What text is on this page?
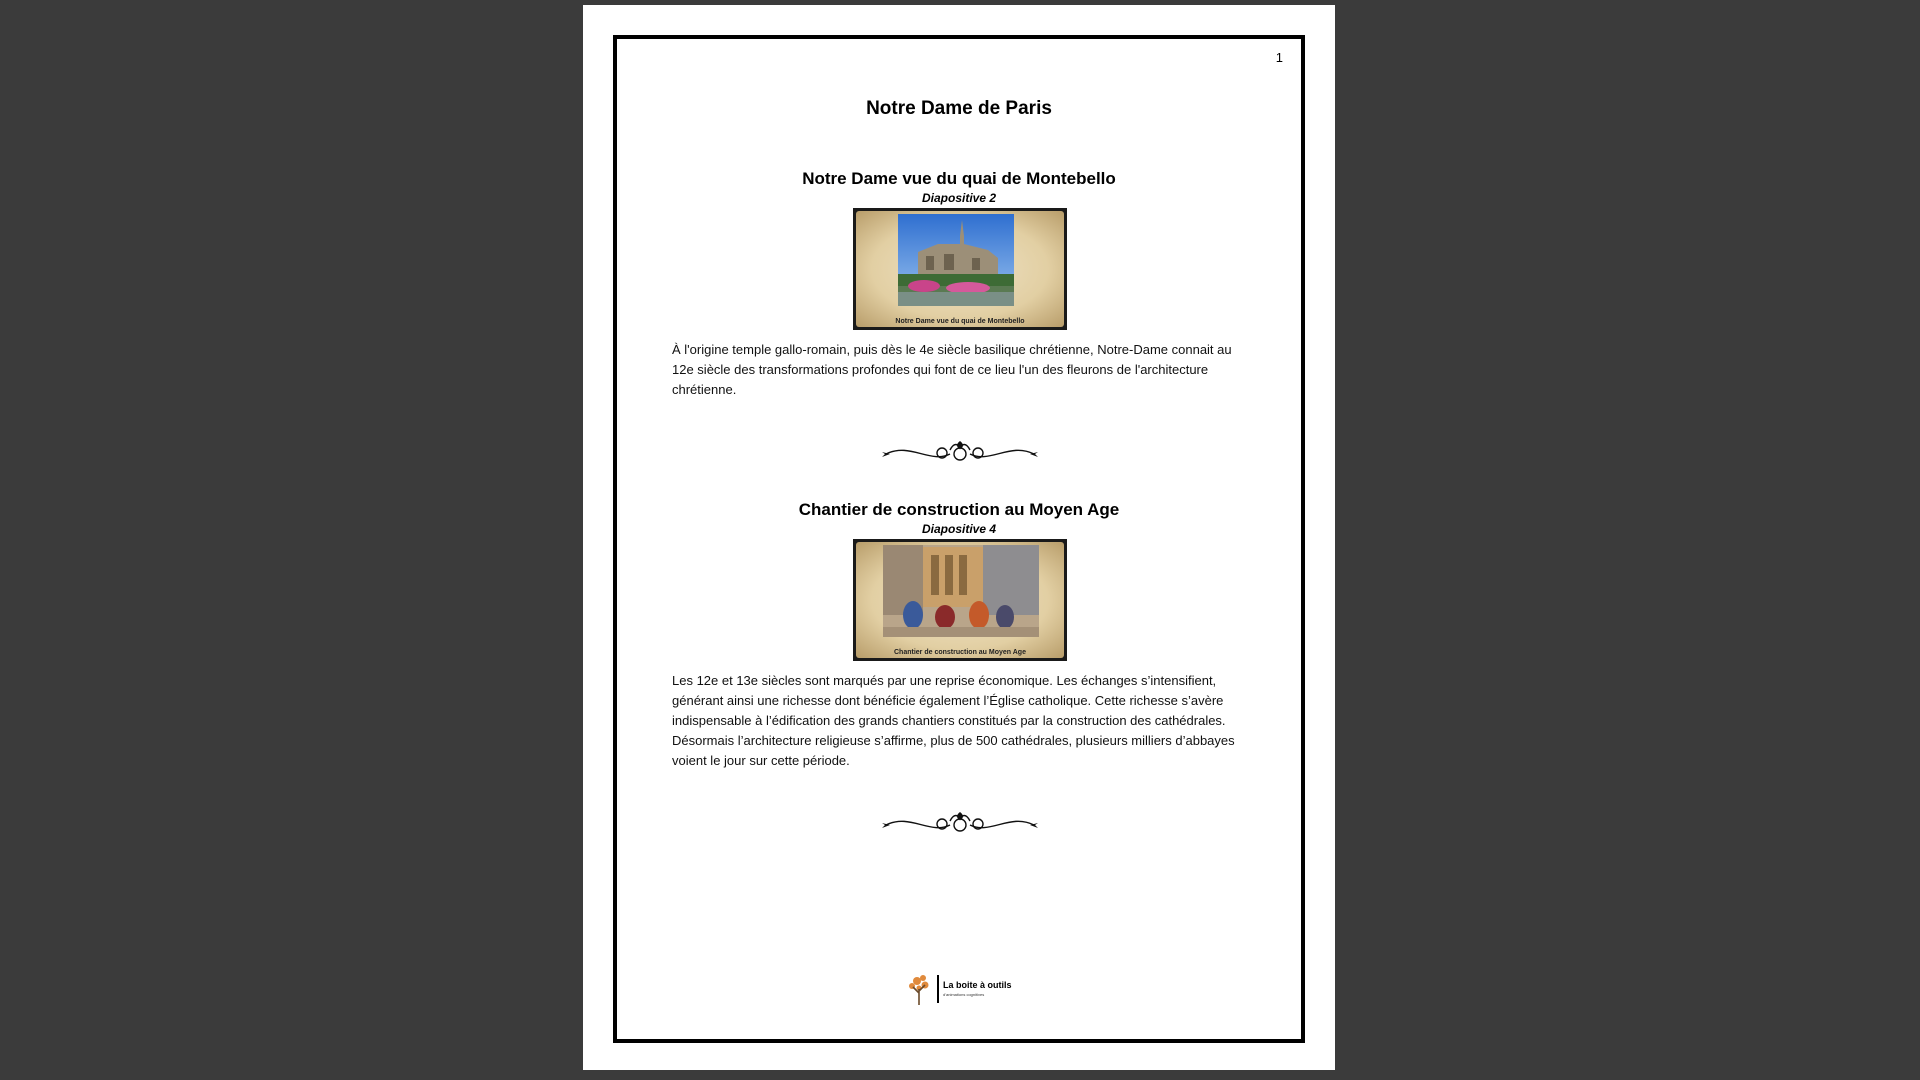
1
Notre Dame de Paris
Notre Dame vue du quai de Montebello
Diapositive 2
Notre Dame vue du quai de Montebello

À l'origine temple gallo-romain, puis dès le 4e siècle basilique chrétienne, Notre-Dame connait au 12e siècle des transformations profondes qui font de ce lieu l'un des fleurons de l'architecture chrétienne.

Chantier de construction au Moyen Age
Diapositive 4
Chantier de construction au Moyen Age

Les 12e et 13e siècles sont marqués par une reprise économique. Les échanges s’intensifient, générant ainsi une richesse dont bénéficie également l’Église catholique. Cette richesse s’avère indispensable à l’édification des grands chantiers constitués par la construction des cathédrales. Désormais l’architecture religieuse s’affirme, plus de 500 cathédrales, plusieurs milliers d’abbayes voient le jour sur cette période.

La boite à outils
d'animations cognitives
